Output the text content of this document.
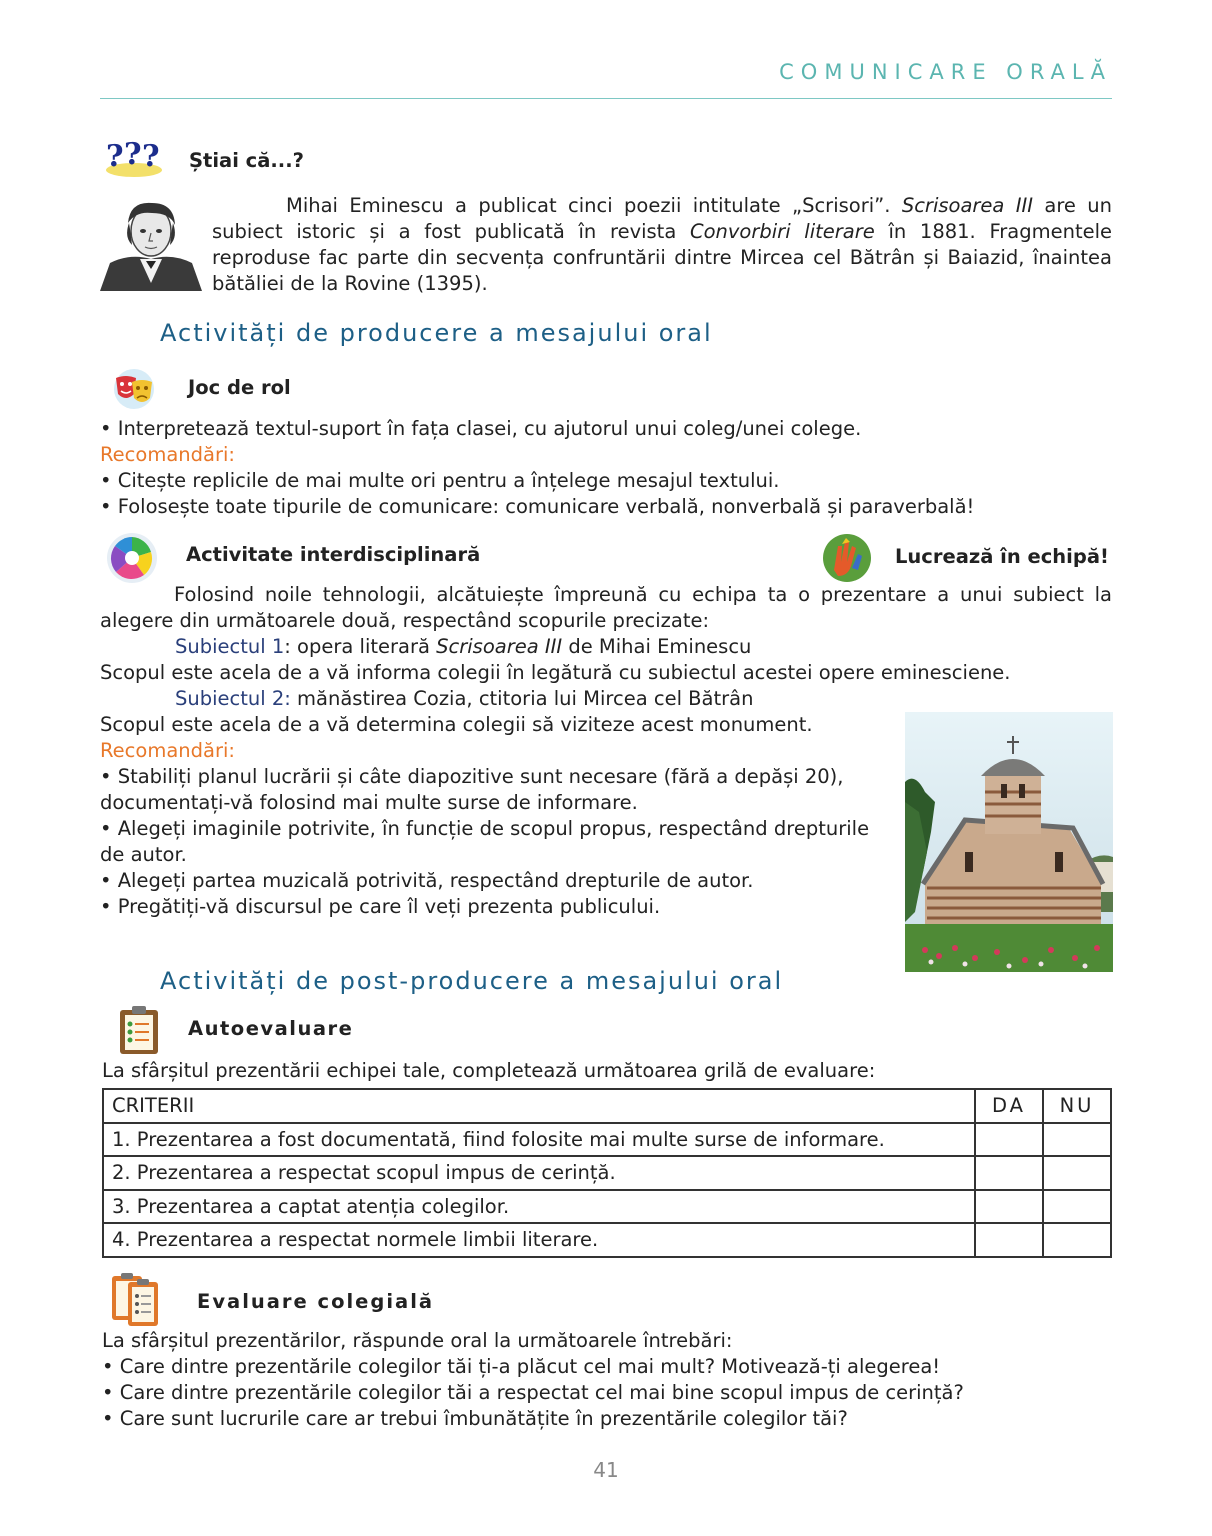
COMUNICARE ORALĂ
? ? ? Știai că...?
Mihai Eminescu a publicat cinci poezii intitulate „Scrisori”. Scrisoarea III are un subiect istoric și a fost publicată în revista Convorbiri literare în 1881. Fragmentele reproduse fac parte din secvența confruntării dintre Mircea cel Bătrân și Baiazid, înaintea bătăliei de la Rovine (1395).
Activități de producere a mesajului oral
Joc de rol
• Interpretează textul-suport în fața clasei, cu ajutorul unui coleg/unei colege.
Recomandări:
• Citește replicile de mai multe ori pentru a înțelege mesajul textului.
• Folosește toate tipurile de comunicare: comunicare verbală, nonverbală și paraverbală!
Activitate interdisciplinară	Lucrează în echipă!
Folosind noile tehnologii, alcătuiește împreună cu echipa ta o prezentare a unui subiect la alegere din următoarele două, respectând scopurile precizate:
Subiectul 1: opera literară Scrisoarea III de Mihai Eminescu
Scopul este acela de a vă informa colegii în legătură cu subiectul acestei opere eminesciene.
Subiectul 2: mănăstirea Cozia, ctitoria lui Mircea cel Bătrân
Scopul este acela de a vă determina colegii să viziteze acest monument.
Recomandări:
• Stabiliți planul lucrării și câte diapozitive sunt necesare (fără a depăși 20), documentați-vă folosind mai multe surse de informare.
• Alegeți imaginile potrivite, în funcție de scopul propus, respectând drepturile de autor.
• Alegeți partea muzicală potrivită, respectând drepturile de autor.
• Pregătiți-vă discursul pe care îl veți prezenta publicului.
Activități de post-producere a mesajului oral
Autoevaluare
La sfârșitul prezentării echipei tale, completează următoarea grilă de evaluare:
CRITERII	DA	NU
1. Prezentarea a fost documentată, fiind folosite mai multe surse de informare.		
2. Prezentarea a respectat scopul impus de cerință.		
3. Prezentarea a captat atenția colegilor.		
4. Prezentarea a respectat normele limbii literare.		
Evaluare colegială
La sfârșitul prezentărilor, răspunde oral la următoarele întrebări:
• Care dintre prezentările colegilor tăi ți-a plăcut cel mai mult? Motivează-ți alegerea!
• Care dintre prezentările colegilor tăi a respectat cel mai bine scopul impus de cerință?
• Care sunt lucrurile care ar trebui îmbunătățite în prezentările colegilor tăi?
41
